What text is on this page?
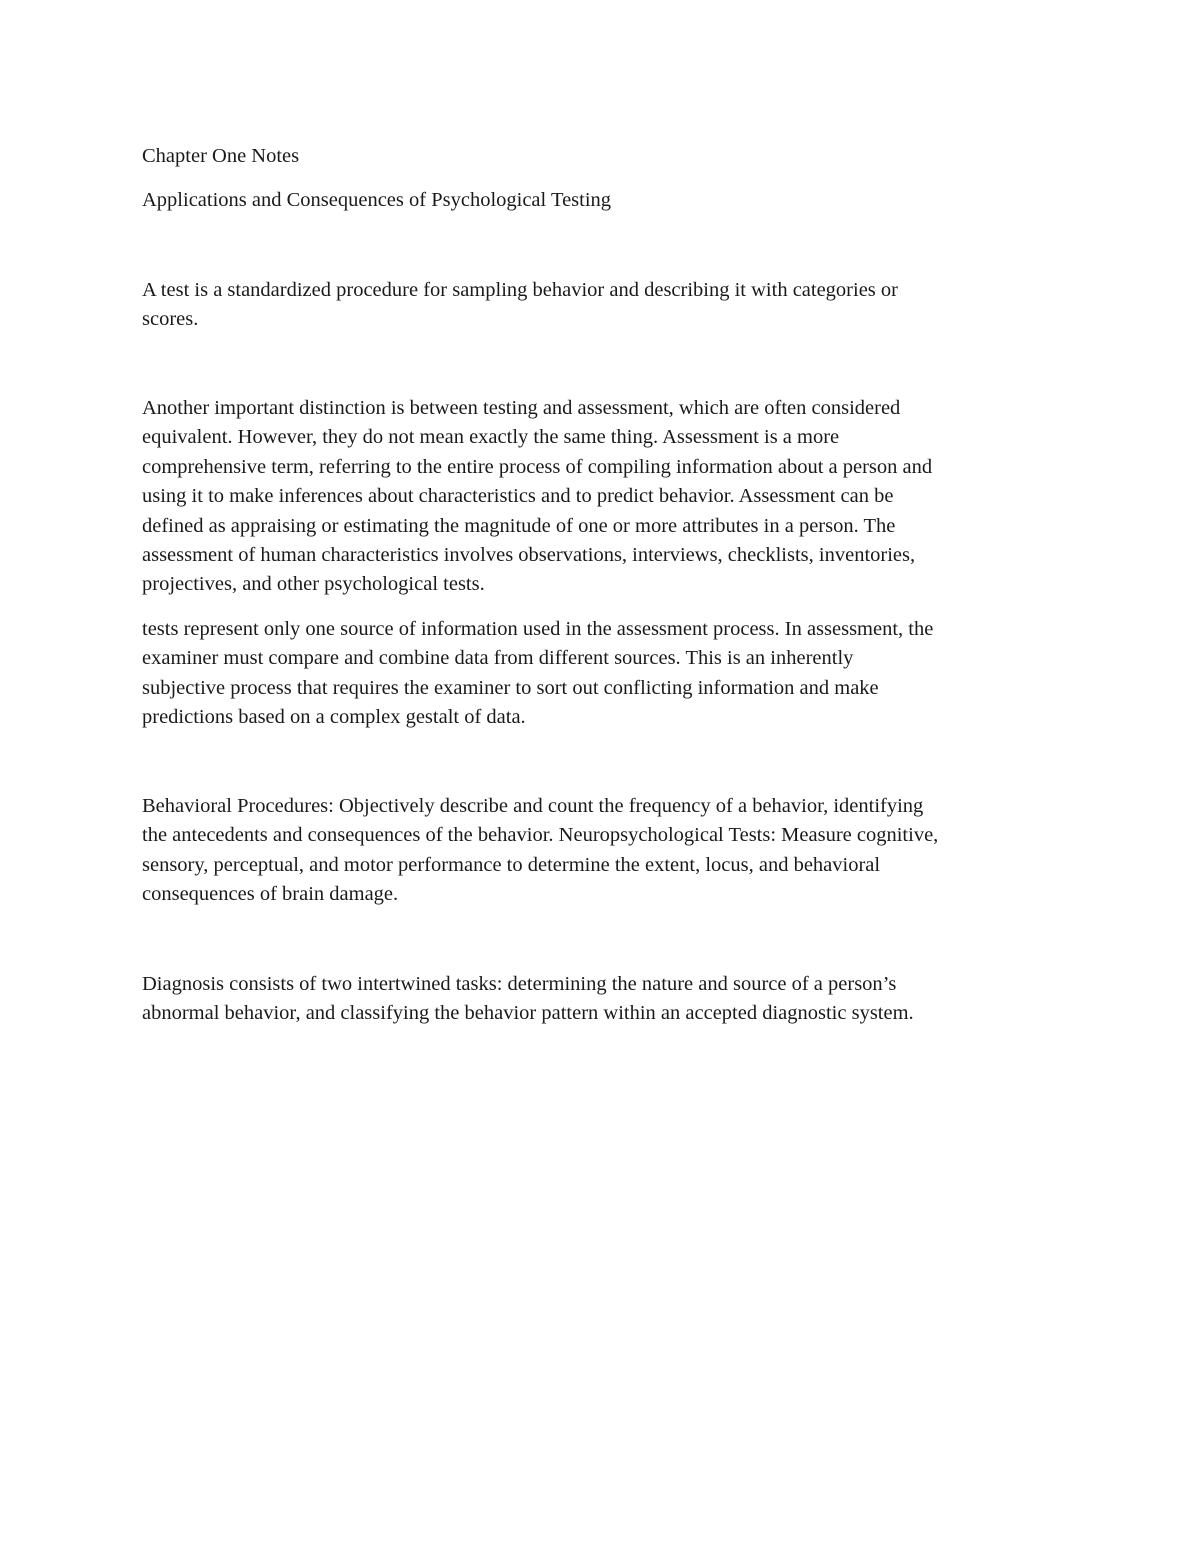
Chapter One Notes

Applications and Consequences of Psychological Testing

A test is a standardized procedure for sampling behavior and describing it with categories or
scores.

Another important distinction is between testing and assessment, which are often considered
equivalent. However, they do not mean exactly the same thing. Assessment is a more
comprehensive term, referring to the entire process of compiling information about a person and
using it to make inferences about characteristics and to predict behavior. Assessment can be
defined as appraising or estimating the magnitude of one or more attributes in a person. The
assessment of human characteristics involves observations, interviews, checklists, inventories,
projectives, and other psychological tests.

tests represent only one source of information used in the assessment process. In assessment, the
examiner must compare and combine data from different sources. This is an inherently
subjective process that requires the examiner to sort out conflicting information and make
predictions based on a complex gestalt of data.

Behavioral Procedures: Objectively describe and count the frequency of a behavior, identifying
the antecedents and consequences of the behavior. Neuropsychological Tests: Measure cognitive,
sensory, perceptual, and motor performance to determine the extent, locus, and behavioral
consequences of brain damage.

Diagnosis consists of two intertwined tasks: determining the nature and source of a person’s
abnormal behavior, and classifying the behavior pattern within an accepted diagnostic system.
